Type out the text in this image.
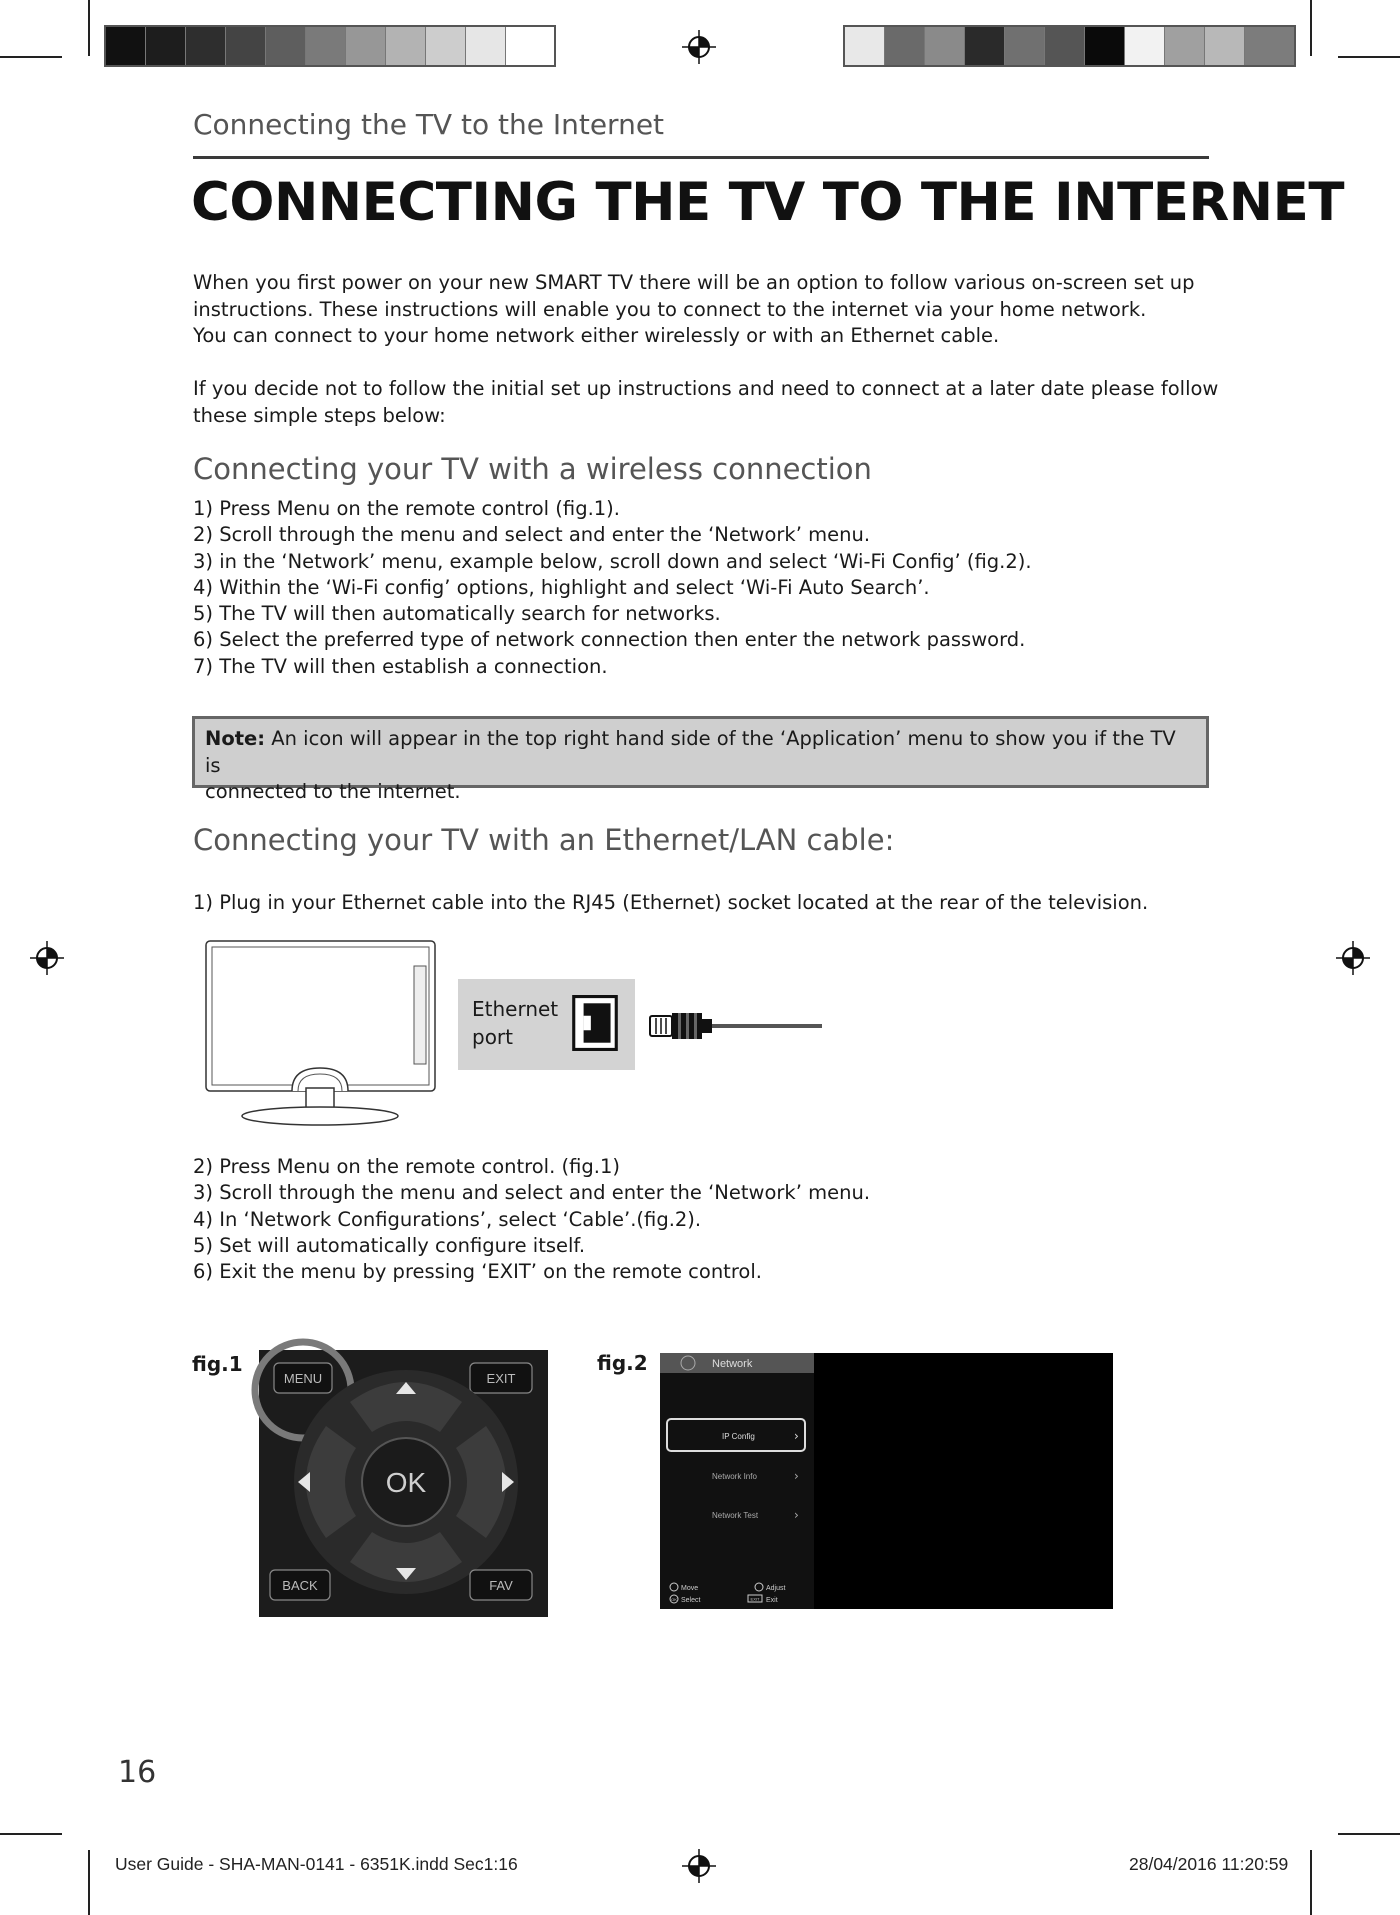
Connecting the TV to the Internet
CONNECTING THE TV TO THE INTERNET
When you first power on your new SMART TV there will be an option to follow various on-screen set up
instructions. These instructions will enable you to connect to the internet via your home network.
You can connect to your home network either wirelessly or with an Ethernet cable.
If you decide not to follow the initial set up instructions and need to connect at a later date please follow
these simple steps below:
Connecting your TV with a wireless connection
1) Press Menu on the remote control (fig.1).
2) Scroll through the menu and select and enter the ‘Network’ menu.
3) in the ‘Network’ menu, example below, scroll down and select ‘Wi-Fi Config’ (fig.2).
4) Within the ‘Wi-Fi config’ options, highlight and select ‘Wi-Fi Auto Search’.
5) The TV will then automatically search for networks.
6) Select the preferred type of network connection then enter the network password.
7) The TV will then establish a connection.
Note: An icon will appear in the top right hand side of the ‘Application’ menu to show you if the TV is
connected to the internet.
Connecting your TV with an Ethernet/LAN cable:
1) Plug in your Ethernet cable into the RJ45 (Ethernet) socket located at the rear of the television.
Ethernet
port
2) Press Menu on the remote control. (fig.1)
3) Scroll through the menu and select and enter the ‘Network’ menu.
4) In ‘Network Configurations’, select ‘Cable’.(fig.2).
5) Set will automatically configure itself.
6) Exit the menu by pressing ‘EXIT’ on the remote control.
fig.1
MENU	EXIT
OK
BACK	FAV
fig.2	Network
IP Config	›
Network Info	›
Network Test	›
Move	Adjust
OK Select	EXIT Exit
16
User Guide - SHA-MAN-0141 - 6351K.indd Sec1:16	28/04/2016 11:20:59
